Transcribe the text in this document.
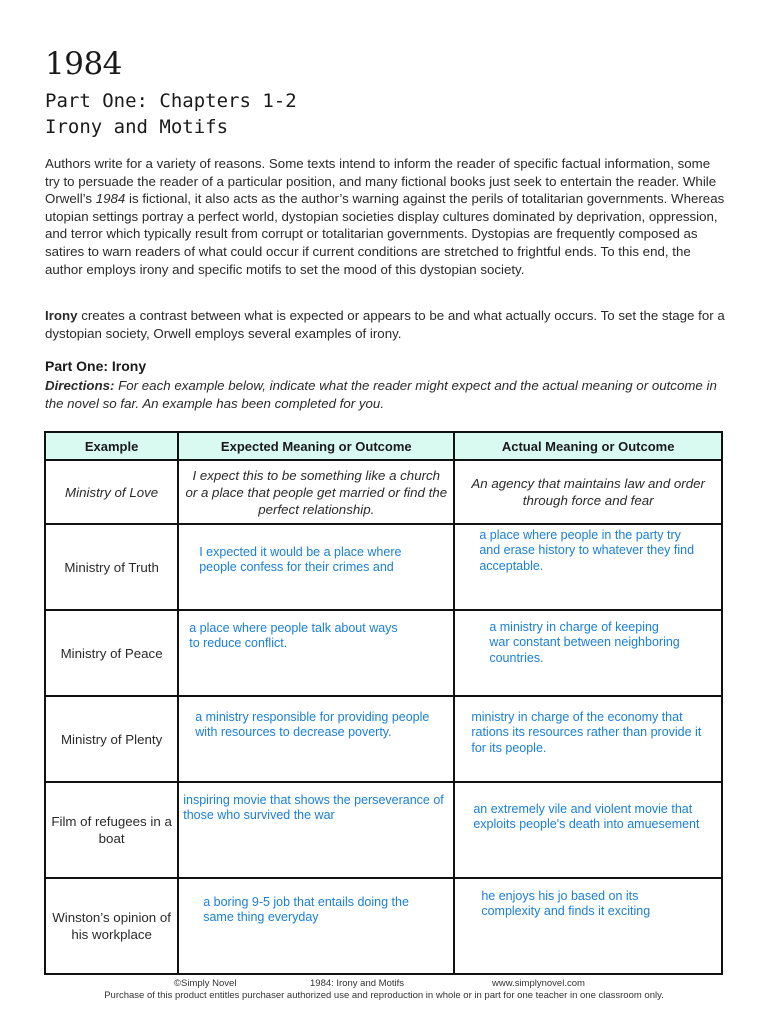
1984
Part One: Chapters 1-2
Irony and Motifs
Authors write for a variety of reasons. Some texts intend to inform the reader of specific factual information, some try to persuade the reader of a particular position, and many fictional books just seek to entertain the reader. While Orwell’s 1984 is fictional, it also acts as the author’s warning against the perils of totalitarian governments. Whereas utopian settings portray a perfect world, dystopian societies display cultures dominated by deprivation, oppression, and terror which typically result from corrupt or totalitarian governments. Dystopias are frequently composed as satires to warn readers of what could occur if current conditions are stretched to frightful ends. To this end, the author employs irony and specific motifs to set the mood of this dystopian society.
Irony creates a contrast between what is expected or appears to be and what actually occurs. To set the stage for a dystopian society, Orwell employs several examples of irony.
Part One: Irony
Directions: For each example below, indicate what the reader might expect and the actual meaning or outcome in the novel so far. An example has been completed for you.
Example	Expected Meaning or Outcome	Actual Meaning or Outcome
Ministry of Love	I expect this to be something like a church or a place that people get married or find the perfect relationship.	An agency that maintains law and order through force and fear

Ministry of Truth	I expected it would be a place where people confess for their crimes and	a place where people in the party try and erase history to whatever they find acceptable.

Ministry of Peace	a place where people talk about ways to reduce conflict.	a ministry in charge of keeping war constant between neighboring countries.

Ministry of Plenty	a ministry responsible for providing people with resources to decrease poverty.	ministry in charge of the economy that rations its resources rather than provide it for its people.

Film of refugees in a boat	inspiring movie that shows the perseverance of those who survived the war	an extremely vile and violent movie that exploits people's death into amuesement

Winston’s opinion of his workplace	a boring 9-5 job that entails doing the same thing everyday	he enjoys his jo based on its complexity and finds it exciting
©Simply Novel	1984: Irony and Motifs	www.simplynovel.com
Purchase of this product entitles purchaser authorized use and reproduction in whole or in part for one teacher in one classroom only.
